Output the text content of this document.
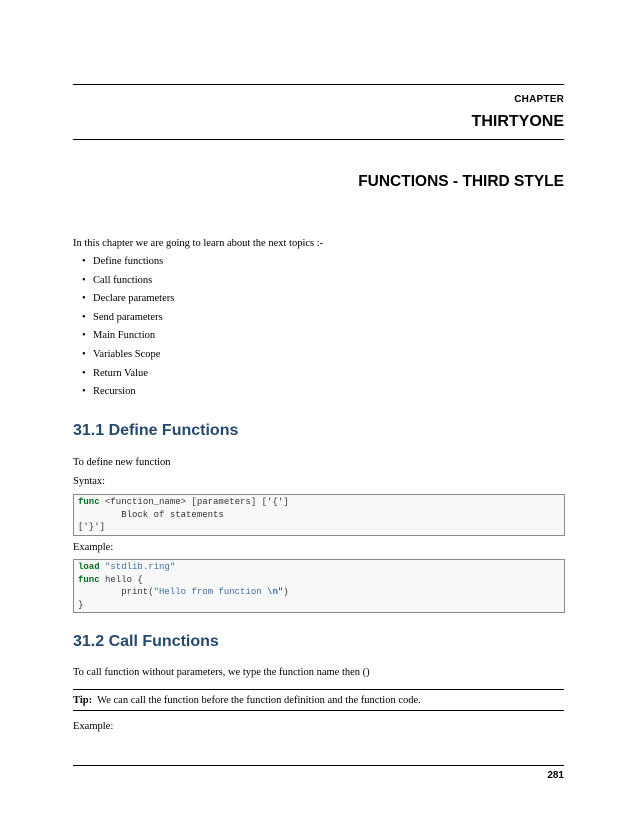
CHAPTER
THIRTYONE
FUNCTIONS - THIRD STYLE
In this chapter we are going to learn about the next topics :-
• Define functions
• Call functions
• Declare parameters
• Send parameters
• Main Function
• Variables Scope
• Return Value
• Recursion
31.1 Define Functions
To define new function
Syntax:
func <function_name> [parameters] ['{']
Block of statements
['}']
Example:
load "stdlib.ring"
func hello {
print("Hello from function \n")
}
31.2 Call Functions
To call function without parameters, we type the function name then ()
Tip:  We can call the function before the function definition and the function code.
Example:
281
